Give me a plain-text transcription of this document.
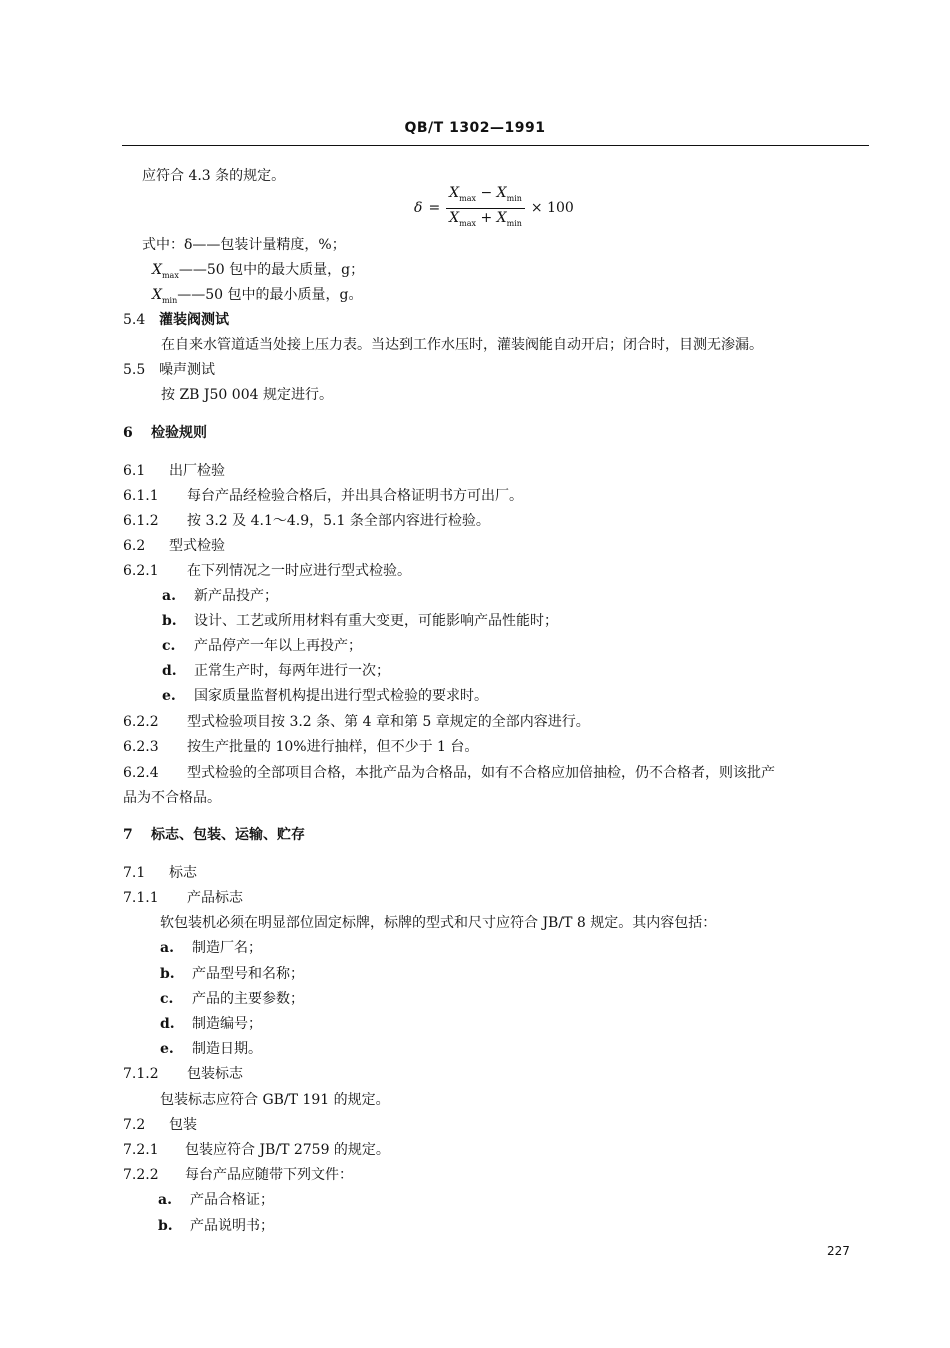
QB/T 1302—1991
应符合 4.3 条的规定。
$\delta = \frac{X_{max} - X_{min}}{X_{max} + X_{min}} \times 100$
式中：δ——包装计量精度，%；
$X_{max}——50$ 包中的最大质量，g；
$X_{min}——50$ 包中的最小质量，g。
5.4 灌装阀测试
在自来水管道适当处接上压力表。当达到工作水压时，灌装阀能自动开启；闭合时，目测无渗漏。
5.5 噪声测试
按 ZB J50 004 规定进行。
6 检验规则
6.1 出厂检验
6.1.1 每台产品经检验合格后，并出具合格证明书方可出厂。
6.1.2 按 3.2 及 4.1～4.9，5.1 条全部内容进行检验。
6.2 型式检验
6.2.1 在下列情况之一时应进行型式检验。
a. 新产品投产；
b. 设计、工艺或所用材料有重大变更，可能影响产品性能时；
c. 产品停产一年以上再投产；
d. 正常生产时，每两年进行一次；
e. 国家质量监督机构提出进行型式检验的要求时。
6.2.2 型式检验项目按 3.2 条、第 4 章和第 5 章规定的全部内容进行。
6.2.3 按生产批量的 10%进行抽样，但不少于 1 台。
6.2.4 型式检验的全部项目合格，本批产品为合格品，如有不合格应加倍抽检，仍不合格者，则该批产
品为不合格品。
7 标志、包装、运输、贮存
7.1 标志
7.1.1 产品标志
软包装机必须在明显部位固定标牌，标牌的型式和尺寸应符合 JB/T 8 规定。其内容包括：
a. 制造厂名；
b. 产品型号和名称；
c. 产品的主要参数；
d. 制造编号；
e. 制造日期。
7.1.2 包装标志
包装标志应符合 GB/T 191 的规定。
7.2 包装
7.2.1 包装应符合 JB/T 2759 的规定。
7.2.2 每台产品应随带下列文件：
a. 产品合格证；
b. 产品说明书；
227
